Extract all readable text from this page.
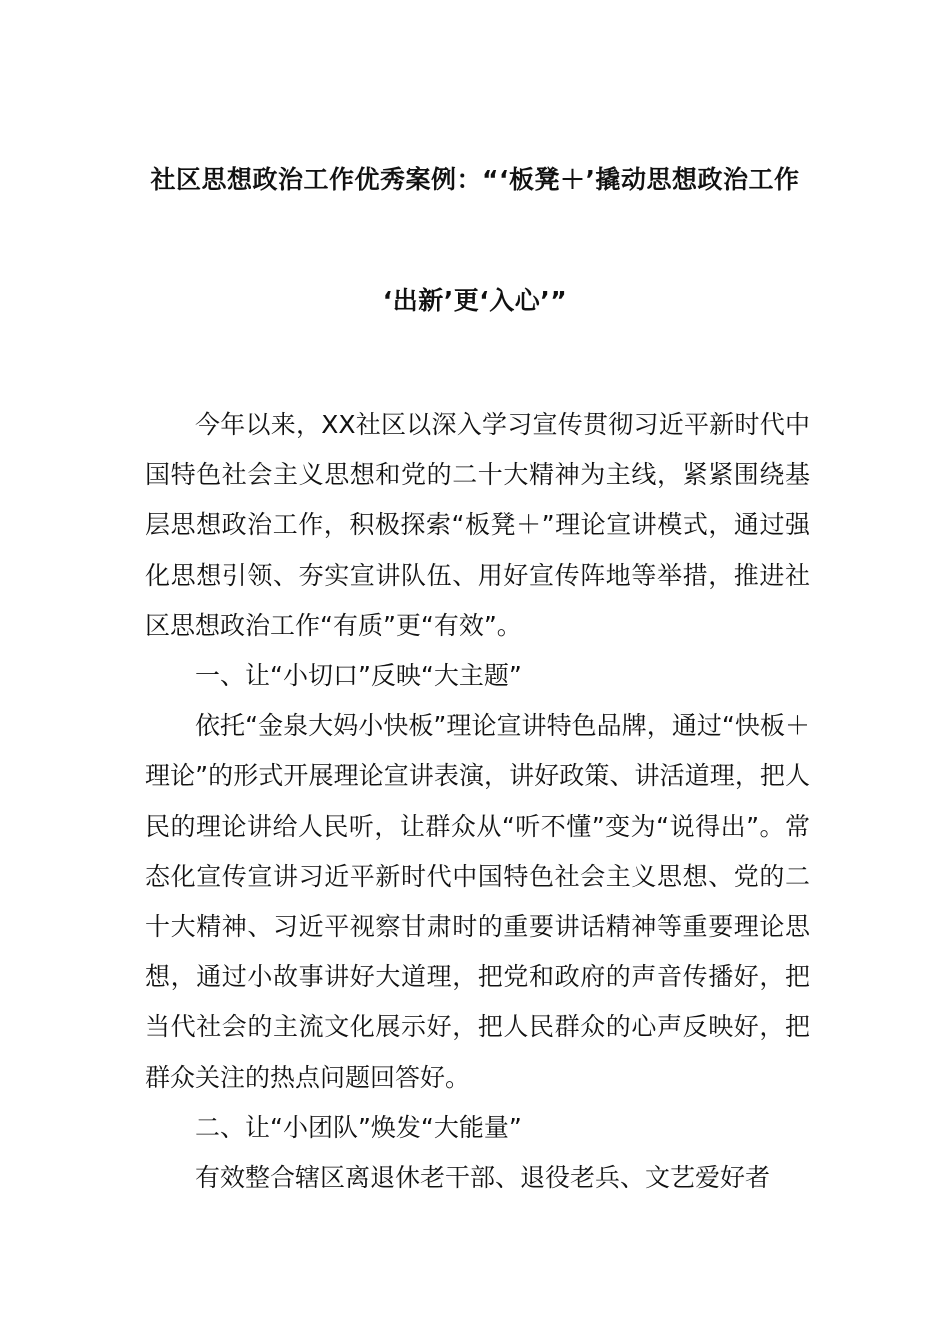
社区思想政治工作优秀案例：“‘板凳＋’撬动思想政治工作
‘出新’更‘入心’”

今年以来，XX社区以深入学习宣传贯彻习近平新时代中国特色社会主义思想和党的二十大精神为主线，紧紧围绕基层思想政治工作，积极探索“板凳＋”理论宣讲模式，通过强化思想引领、夯实宣讲队伍、用好宣传阵地等举措，推进社区思想政治工作“有质”更“有效”。

一、让“小切口”反映“大主题”

依托“金泉大妈小快板”理论宣讲特色品牌，通过“快板＋理论”的形式开展理论宣讲表演，讲好政策、讲活道理，把人民的理论讲给人民听，让群众从“听不懂”变为“说得出”。常态化宣传宣讲习近平新时代中国特色社会主义思想、党的二十大精神、习近平视察甘肃时的重要讲话精神等重要理论思想，通过小故事讲好大道理，把党和政府的声音传播好，把当代社会的主流文化展示好，把人民群众的心声反映好，把群众关注的热点问题回答好。

二、让“小团队”焕发“大能量”

有效整合辖区离退休老干部、退役老兵、文艺爱好者
